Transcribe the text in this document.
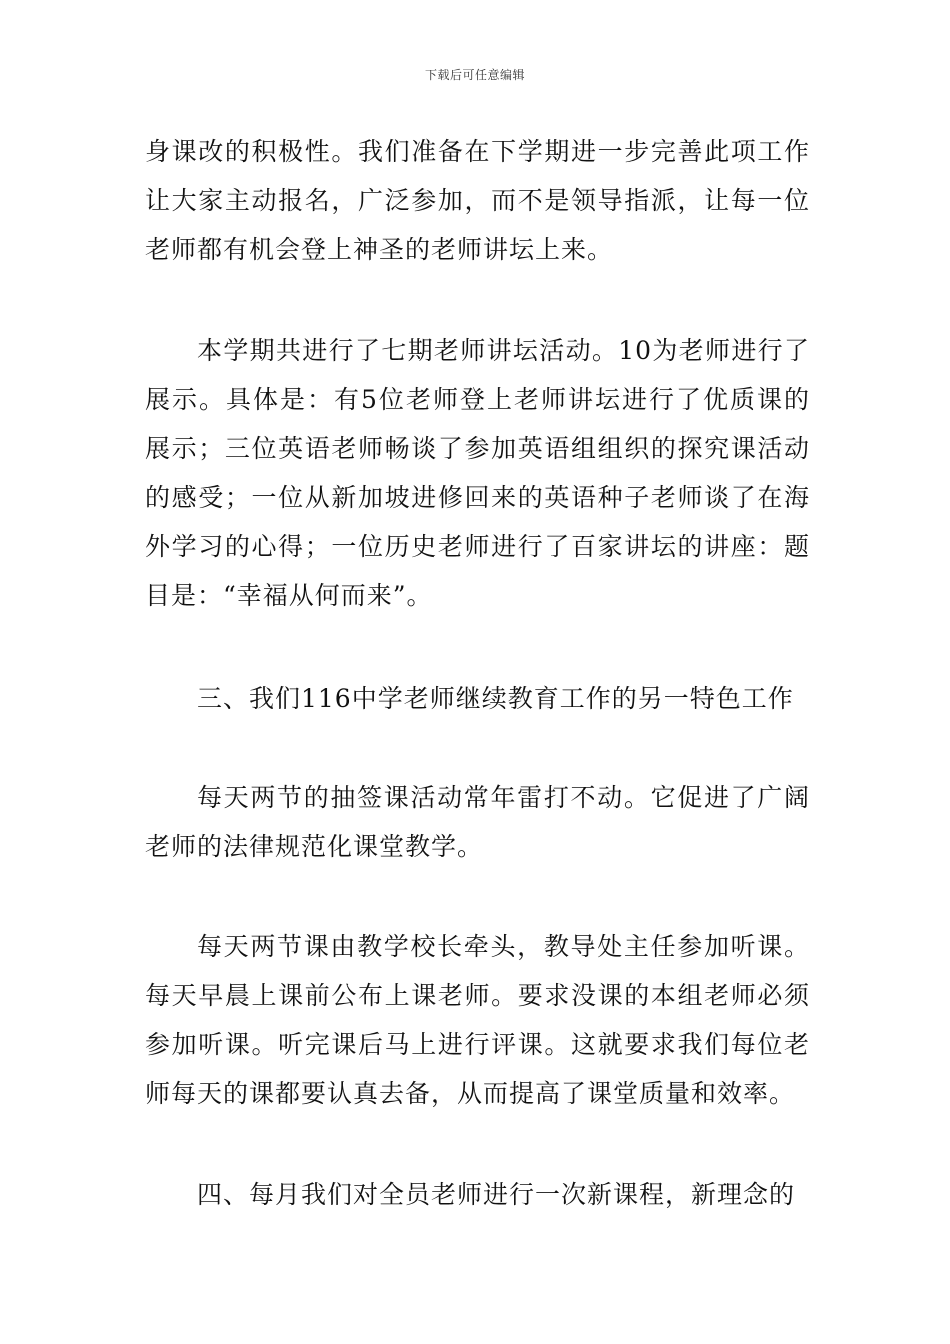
下载后可任意编辑

身课改的积极性。我们准备在下学期进一步完善此项工作让大家主动报名，广泛参加，而不是领导指派，让每一位老师都有机会登上神圣的老师讲坛上来。

本学期共进行了七期老师讲坛活动。10为老师进行了展示。具体是：有5位老师登上老师讲坛进行了优质课的展示；三位英语老师畅谈了参加英语组组织的探究课活动的感受；一位从新加坡进修回来的英语种子老师谈了在海外学习的心得；一位历史老师进行了百家讲坛的讲座：题目是：“幸福从何而来”。

三、我们116中学老师继续教育工作的另一特色工作

每天两节的抽签课活动常年雷打不动。它促进了广阔老师的法律规范化课堂教学。

每天两节课由教学校长牵头，教导处主任参加听课。每天早晨上课前公布上课老师。要求没课的本组老师必须参加听课。听完课后马上进行评课。这就要求我们每位老师每天的课都要认真去备，从而提高了课堂质量和效率。

四、每月我们对全员老师进行一次新课程，新理念的
